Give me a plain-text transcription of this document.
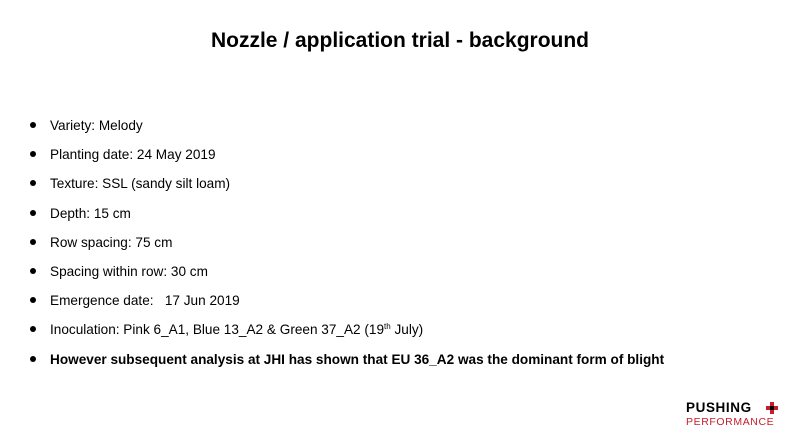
Nozzle / application trial - background
Variety: Melody
Planting date: 24 May 2019
Texture: SSL (sandy silt loam)
Depth: 15 cm
Row spacing: 75 cm
Spacing within row: 30 cm
Emergence date:   17 Jun 2019
Inoculation: Pink 6_A1, Blue 13_A2 & Green 37_A2 (19th July)
However subsequent analysis at JHI has shown that EU 36_A2 was the dominant form of blight
PUSHING
PERFORMANCE
